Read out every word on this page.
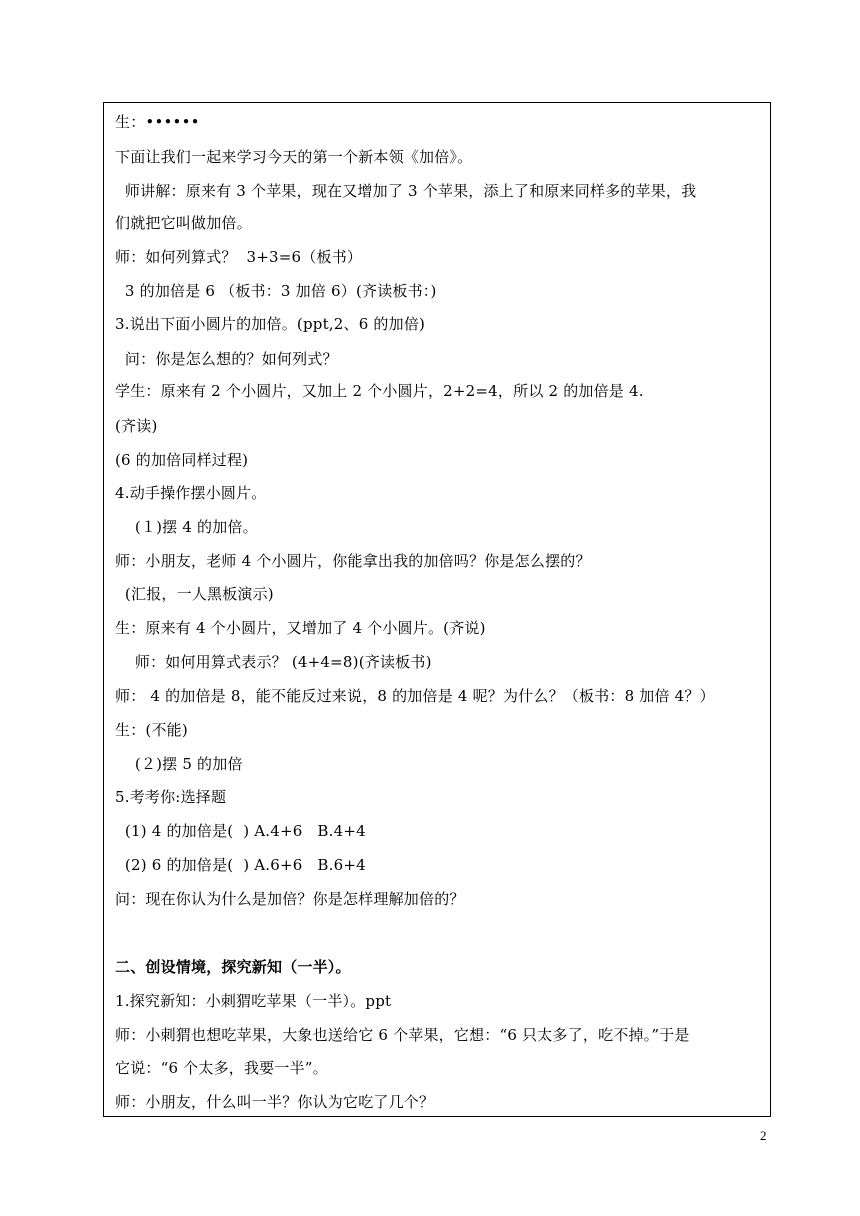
生：••••••
下面让我们一起来学习今天的第一个新本领《加倍》。
师讲解：原来有 3 个苹果，现在又增加了 3 个苹果，添上了和原来同样多的苹果，我
们就把它叫做加倍。
师：如何列算式？  3+3=6（板书）
3 的加倍是 6 （板书：3 加倍 6）(齐读板书：)
3.说出下面小圆片的加倍。(ppt,2、6 的加倍)
问：你是怎么想的？如何列式？
学生：原来有 2 个小圆片，又加上 2 个小圆片，2+2=4，所以 2 的加倍是 4.
(齐读)
(6 的加倍同样过程)
4.动手操作摆小圆片。
(１)摆 4 的加倍。
师：小朋友，老师 4 个小圆片，你能拿出我的加倍吗？你是怎么摆的？
(汇报，一人黑板演示)
生：原来有 4 个小圆片，又增加了 4 个小圆片。(齐说)
师：如何用算式表示？ (4+4=8)(齐读板书)
师： 4 的加倍是 8，能不能反过来说，8 的加倍是 4 呢？为什么？（板书：8 加倍 4？）
生：(不能)
(２)摆 5 的加倍
5.考考你:选择题
(1) 4 的加倍是(  ) A.4+6   B.4+4
(2) 6 的加倍是(  ) A.6+6   B.6+4
问：现在你认为什么是加倍？你是怎样理解加倍的？
二、创设情境，探究新知（一半）。
1.探究新知：小刺猬吃苹果（一半）。ppt
师：小刺猬也想吃苹果，大象也送给它 6 个苹果，它想：“6 只太多了，吃不掉。”于是
它说：“6 个太多，我要一半”。
师：小朋友，什么叫一半？你认为它吃了几个？
2
